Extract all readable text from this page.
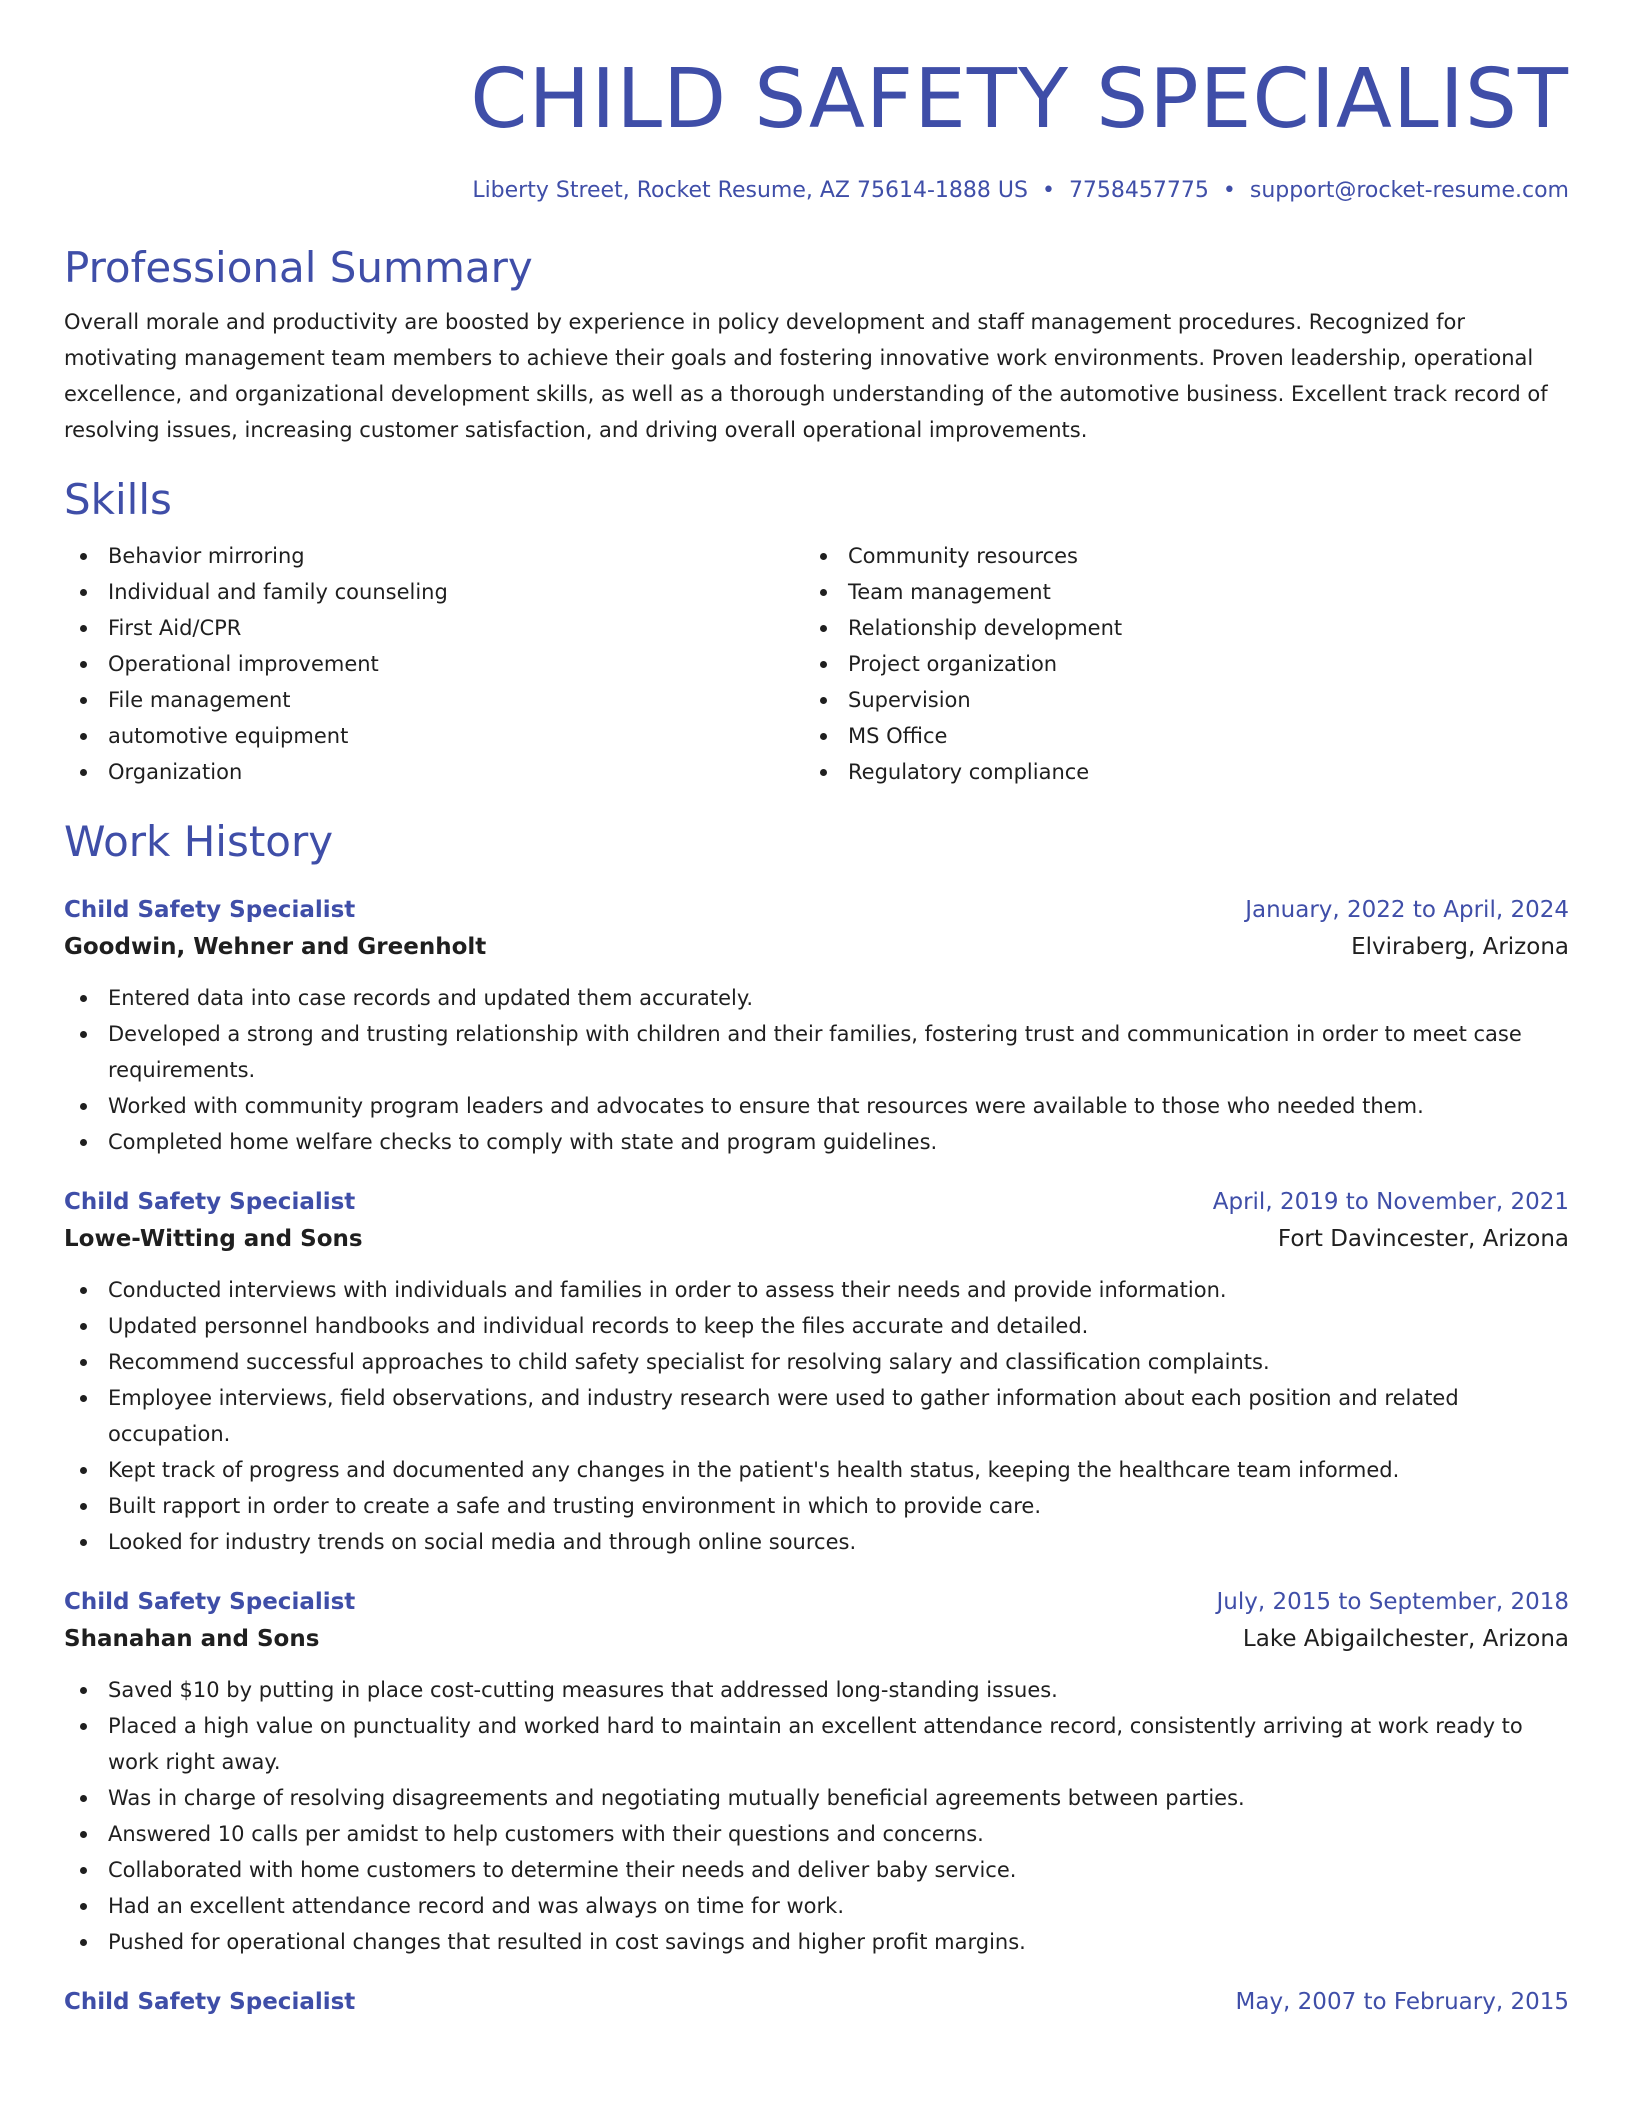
CHILD SAFETY SPECIALIST
Liberty Street, Rocket Resume, AZ 75614-1888 US • 7758457775 • support@rocket-resume.com
Professional Summary
Overall morale and productivity are boosted by experience in policy development and staff management procedures. Recognized for motivating management team members to achieve their goals and fostering innovative work environments. Proven leadership, operational excellence, and organizational development skills, as well as a thorough understanding of the automotive business. Excellent track record of resolving issues, increasing customer satisfaction, and driving overall operational improvements.
Skills
Behavior mirroring
Individual and family counseling
First Aid/CPR
Operational improvement
File management
automotive equipment
Organization
Community resources
Team management
Relationship development
Project organization
Supervision
MS Office
Regulatory compliance
Work History
Child Safety Specialist	January, 2022 to April, 2024
Goodwin, Wehner and Greenholt	Elviraberg, Arizona
Entered data into case records and updated them accurately.
Developed a strong and trusting relationship with children and their families, fostering trust and communication in order to meet case requirements.
Worked with community program leaders and advocates to ensure that resources were available to those who needed them.
Completed home welfare checks to comply with state and program guidelines.
Child Safety Specialist	April, 2019 to November, 2021
Lowe-Witting and Sons	Fort Davincester, Arizona
Conducted interviews with individuals and families in order to assess their needs and provide information.
Updated personnel handbooks and individual records to keep the files accurate and detailed.
Recommend successful approaches to child safety specialist for resolving salary and classification complaints.
Employee interviews, field observations, and industry research were used to gather information about each position and related occupation.
Kept track of progress and documented any changes in the patient's health status, keeping the healthcare team informed.
Built rapport in order to create a safe and trusting environment in which to provide care.
Looked for industry trends on social media and through online sources.
Child Safety Specialist	July, 2015 to September, 2018
Shanahan and Sons	Lake Abigailchester, Arizona
Saved $10 by putting in place cost-cutting measures that addressed long-standing issues.
Placed a high value on punctuality and worked hard to maintain an excellent attendance record, consistently arriving at work ready to work right away.
Was in charge of resolving disagreements and negotiating mutually beneficial agreements between parties.
Answered 10 calls per amidst to help customers with their questions and concerns.
Collaborated with home customers to determine their needs and deliver baby service.
Had an excellent attendance record and was always on time for work.
Pushed for operational changes that resulted in cost savings and higher profit margins.
Child Safety Specialist	May, 2007 to February, 2015
